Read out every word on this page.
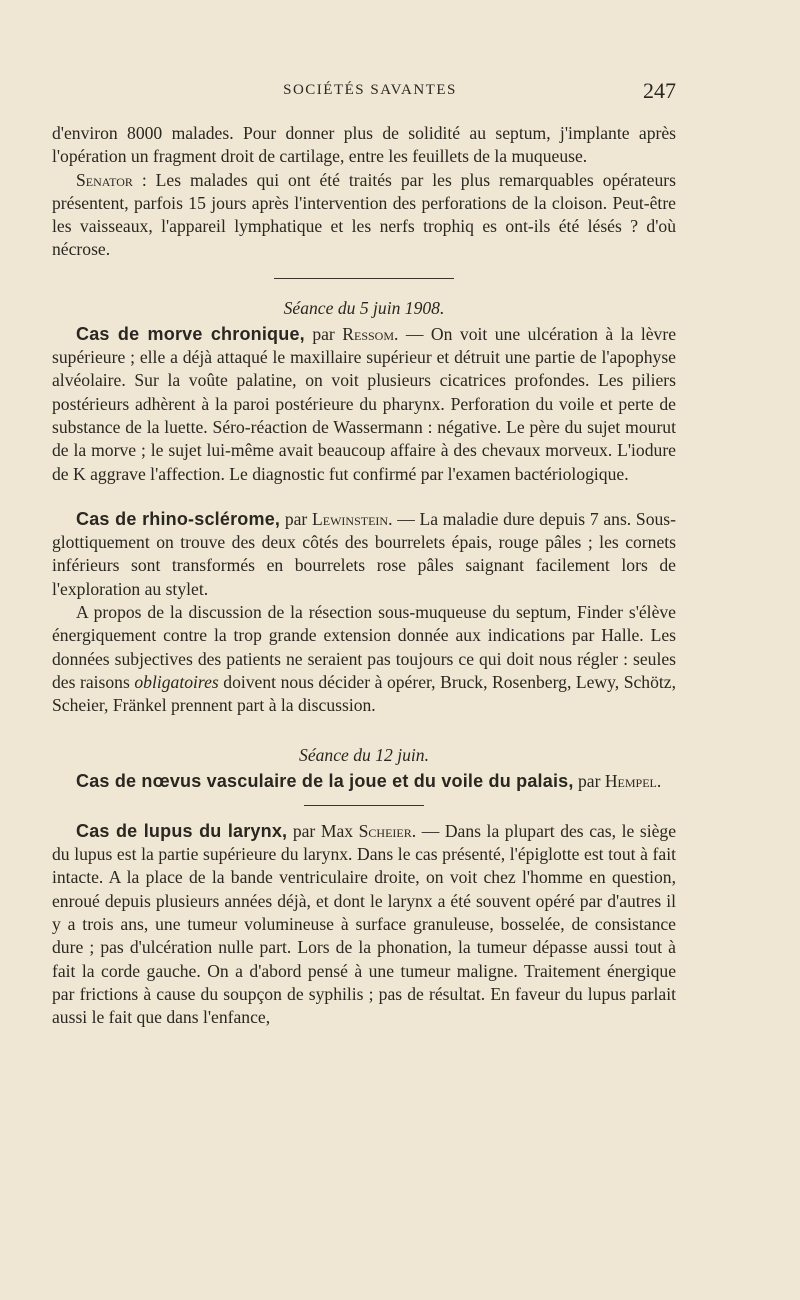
SOCIÉTÉS SAVANTES	247

d'environ 8000 malades. Pour donner plus de solidité au septum, j'implante après l'opération un fragment droit de cartilage, entre les feuillets de la muqueuse.

Senator : Les malades qui ont été traités par les plus remarquables opérateurs présentent, parfois 15 jours après l'intervention des perforations de la cloison. Peut-être les vaisseaux, l'appareil lymphatique et les nerfs trophiq es ont-ils été lésés ? d'où nécrose.

Séance du 5 juin 1908.

Cas de morve chronique, par Ressom. — On voit une ulcération à la lèvre supérieure ; elle a déjà attaqué le maxillaire supérieur et détruit une partie de l'apophyse alvéolaire. Sur la voûte palatine, on voit plusieurs cicatrices profondes. Les piliers postérieurs adhèrent à la paroi postérieure du pharynx. Perforation du voile et perte de substance de la luette. Séro-réaction de Wassermann : négative. Le père du sujet mourut de la morve ; le sujet lui-même avait beaucoup affaire à des chevaux morveux. L'iodure de K aggrave l'affection. Le diagnostic fut confirmé par l'examen bactériologique.

Cas de rhino-sclérome, par Lewinstein. — La maladie dure depuis 7 ans. Sous-glottiquement on trouve des deux côtés des bourrelets épais, rouge pâles ; les cornets inférieurs sont transformés en bourrelets rose pâles saignant facilement lors de l'exploration au stylet.

A propos de la discussion de la résection sous-muqueuse du septum, Finder s'élève énergiquement contre la trop grande extension donnée aux indications par Halle. Les données subjectives des patients ne seraient pas toujours ce qui doit nous régler : seules des raisons obligatoires doivent nous décider à opérer, Bruck, Rosenberg, Lewy, Schötz, Scheier, Fränkel prennent part à la discussion.

Séance du 12 juin.

Cas de nœvus vasculaire de la joue et du voile du palais, par Hempel.

Cas de lupus du larynx, par Max Scheier. — Dans la plupart des cas, le siège du lupus est la partie supérieure du larynx. Dans le cas présenté, l'épiglotte est tout à fait intacte. A la place de la bande ventriculaire droite, on voit chez l'homme en question, enroué depuis plusieurs années déjà, et dont le larynx a été souvent opéré par d'autres il y a trois ans, une tumeur volumineuse à surface granuleuse, bosselée, de consistance dure ; pas d'ulcération nulle part. Lors de la phonation, la tumeur dépasse aussi tout à fait la corde gauche. On a d'abord pensé à une tumeur maligne. Traitement énergique par frictions à cause du soupçon de syphilis ; pas de résultat. En faveur du lupus parlait aussi le fait que dans l'enfance,
